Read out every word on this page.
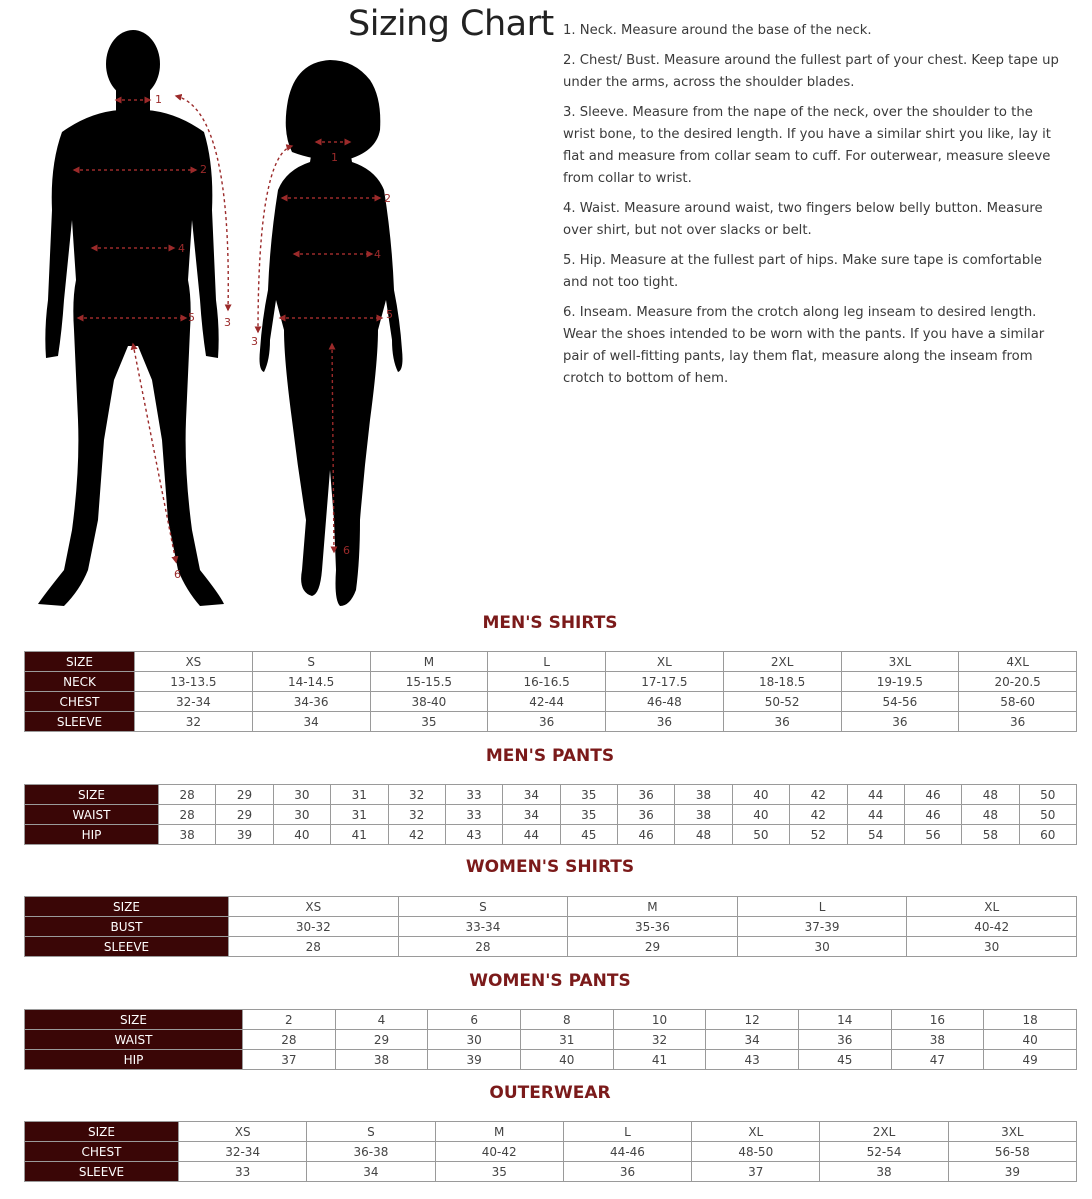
Sizing Chart
1
2
4
5	3
6
1
2
4
5
3
6
1. Neck. Measure around the base of the neck.
2. Chest/ Bust. Measure around the fullest part of your chest. Keep tape up under the arms, across the shoulder blades.
3. Sleeve. Measure from the nape of the neck, over the shoulder to the wrist bone, to the desired length. If you have a similar shirt you like, lay it flat and measure from collar seam to cuff. For outerwear, measure sleeve from collar to wrist.
4. Waist. Measure around waist, two fingers below belly button. Measure over shirt, but not over slacks or belt.
5. Hip. Measure at the fullest part of hips. Make sure tape is comfortable and not too tight.
6. Inseam. Measure from the crotch along leg inseam to desired length. Wear the shoes intended to be worn with the pants. If you have a similar pair of well-fitting pants, lay them flat, measure along the inseam from crotch to bottom of hem.
MEN'S SHIRTS
MEN'S PANTS
WOMEN'S SHIRTS
WOMEN'S PANTS
OUTERWEAR
SIZE	XS	S	M	L	XL	2XL	3XL	4XL
NECK	13-13.5	14-14.5	15-15.5	16-16.5	17-17.5	18-18.5	19-19.5	20-20.5
CHEST	32-34	34-36	38-40	42-44	46-48	50-52	54-56	58-60
SLEEVE	32	34	35	36	36	36	36	36
SIZE	28	29	30	31	32	33	34	35	36	38	40	42	44	46	48	50
WAIST	28	29	30	31	32	33	34	35	36	38	40	42	44	46	48	50
HIP	38	39	40	41	42	43	44	45	46	48	50	52	54	56	58	60
SIZE	XS	S	M	L	XL
BUST	30-32	33-34	35-36	37-39	40-42
SLEEVE	28	28	29	30	30
SIZE	2	4	6	8	10	12	14	16	18
WAIST	28	29	30	31	32	34	36	38	40
HIP	37	38	39	40	41	43	45	47	49
SIZE	XS	S	M	L	XL	2XL	3XL
CHEST	32-34	36-38	40-42	44-46	48-50	52-54	56-58
SLEEVE	33	34	35	36	37	38	39
